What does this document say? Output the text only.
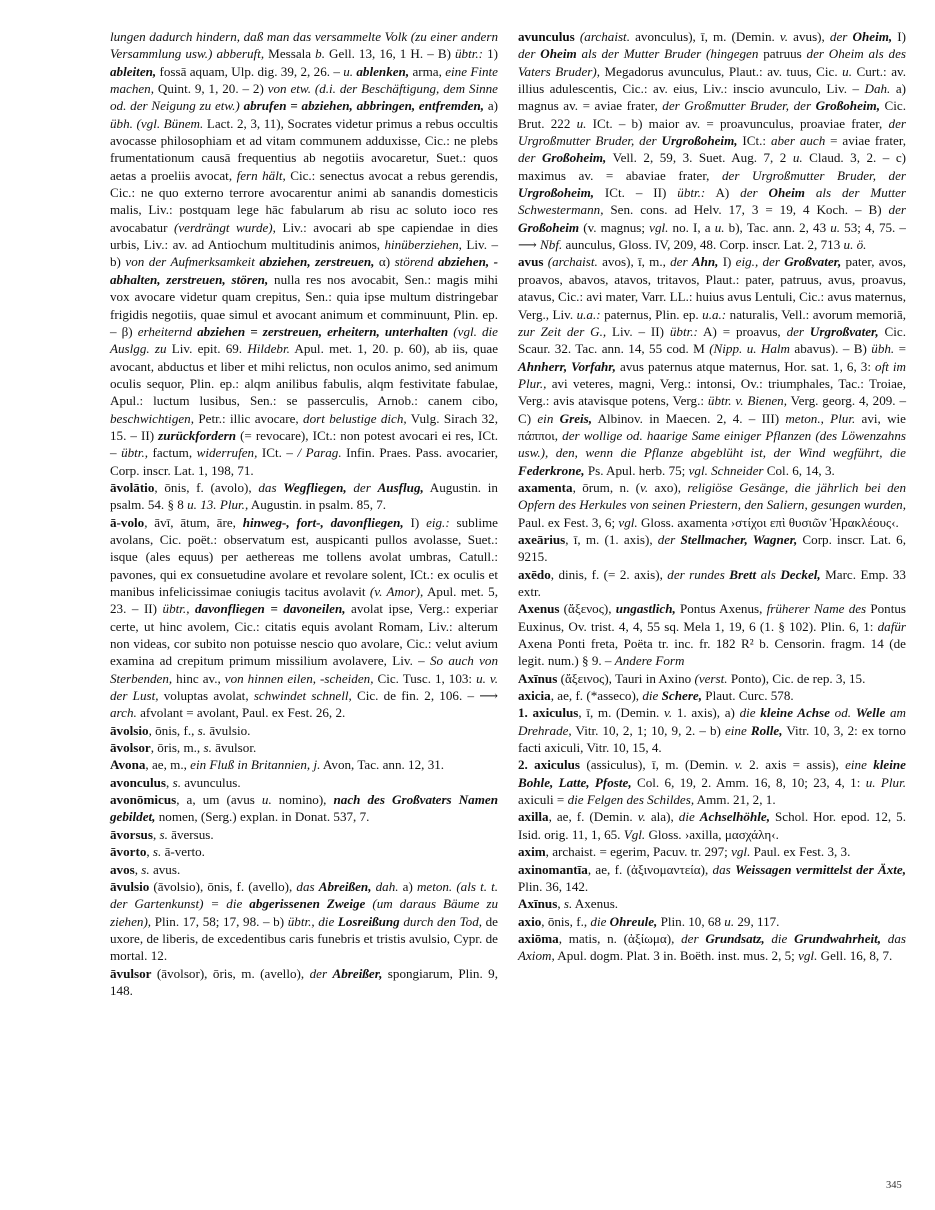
lungen dadurch hindern, daß man das versammelte Volk (zu einer andern Versammlung usw.) abberuft, Messala b. Gell. 13, 16, 1 H. – B) übtr.: 1) ableiten, fossā aquam, Ulp. dig. 39, 2, 26. – u. ablenken, arma, eine Finte machen, Quint. 9, 1, 20. – 2) von etw. (d.i. der Beschäftigung, dem Sinne od. der Neigung zu etw.) abrufen = abziehen, abbringen, entfremden, a) übh. (vgl. Bünem. Lact. 2, 3, 11), Socrates videtur primus a rebus occultis avocasse philosophiam et ad vitam communem adduxisse, Cic.: ne plebs frumentationum causā frequentius ab negotiis avocaretur, Suet.: quos aetas a proeliis avocat, fern hält, Cic.: senectus avocat a rebus gerendis, Cic.: ne quo externo terrore avocarentur animi ab sanandis domesticis malis, Liv.: postquam lege hāc fabularum ab risu ac soluto ioco res avocabatur (verdrängt wurde), Liv.: avocari ab spe capiendae in dies urbis, Liv.: av. ad Antiochum multitudinis animos, hinüberziehen, Liv. – b) von der Aufmerksamkeit abziehen, zerstreuen, α) störend abziehen, -abhalten, zerstreuen, stören, nulla res nos avocabit, Sen.: magis mihi vox avocare videtur quam crepitus, Sen.: quia ipse multum distringebar frigidis negotiis, quae simul et avocant animum et comminuunt, Plin. ep. – β) erheiternd abziehen = zerstreuen, erheitern, unterhalten (vgl. die Auslgg. zu Liv. epit. 69. Hildebr. Apul. met. 1, 20. p. 60), ab iis, quae avocant, abductus et liber et mihi relictus, non oculos animo, sed animum oculis sequor, Plin. ep.: alqm anilibus fabulis, alqm festivitate fabulae, Apul.: luctum lusibus, Sen.: se passerculis, Arnob.: canem cibo, beschwichtigen, Petr.: illic avocare, dort belustige dich, Vulg. Sirach 32, 15. – II) zurückfordern (= revocare), ICt.: non potest avocari ei res, ICt. – übtr., factum, widerrufen, ICt. – / Parag. Infin. Praes. Pass. avocarier, Corp. inscr. Lat. 1, 198, 71.

āvolātio, ōnis, f. (avolo), das Wegfliegen, der Ausflug, Augustin. in psalm. 54. § 8 u. 13. Plur., Augustin. in psalm. 85, 7.

ā-volo, āvī, ātum, āre, hinweg-, fort-, davonfliegen, I) eig.: sublime avolans, Cic. poët.: observatum est, auspicanti pullos avolasse, Suet.: isque (ales equus) per aethereas me tollens avolat umbras, Catull.: pavones, qui ex consuetudine avolare et revolare solent, ICt.: ex oculis et manibus infelicissimae coniugis tacitus avolavit (v. Amor), Apul. met. 5, 23. – II) übtr., davonfliegen = davoneilen, avolat ipse, Verg.: experiar certe, ut hinc avolem, Cic.: citatis equis avolant Romam, Liv.: alterum non videas, cor subito non potuisse nescio quo avolare, Cic.: velut avium examina ad crepitum primum missilium avolavere, Liv. – So auch von Sterbenden, hinc av., von hinnen eilen, -scheiden, Cic. Tusc. 1, 103: u. v. der Lust, voluptas avolat, schwindet schnell, Cic. de fin. 2, 106. – ⟶ arch. afvolant = avolant, Paul. ex Fest. 26, 2.

āvolsio, ōnis, f., s. āvulsio.

āvolsor, ōris, m., s. āvulsor.

Avona, ae, m., ein Fluß in Britannien, j. Avon, Tac. ann. 12, 31.

avonculus, s. avunculus.

avonōmicus, a, um (avus u. nomino), nach des Großvaters Namen gebildet, nomen, (Serg.) explan. in Donat. 537, 7.

āvorsus, s. āversus.

āvorto, s. ā-verto.

avos, s. avus.

āvulsio (āvolsio), ōnis, f. (avello), das Abreißen, dah. a) meton. (als t. t. der Gartenkunst) = die abgerissenen Zweige (um daraus Bäume zu ziehen), Plin. 17, 58; 17, 98. – b) übtr., die Losreißung durch den Tod, de uxore, de liberis, de excedentibus caris funebris et tristis avulsio, Cypr. de mortal. 12.

āvulsor (āvolsor), ōris, m. (avello), der Abreißer, spongiarum, Plin. 9, 148.

avunculus (archaist. avonculus), ī, m. (Demin. v. avus), der Oheim, I) der Oheim als der Mutter Bruder (hingegen patruus der Oheim als des Vaters Bruder), Megadorus avunculus, Plaut.: av. tuus, Cic. u. Curt.: av. illius adulescentis, Cic.: av. eius, Liv.: inscio avunculo, Liv. – Dah. a) magnus av. = aviae frater, der Großmutter Bruder, der Großoheim, Cic. Brut. 222 u. ICt. – b) maior av. = proavunculus, proaviae frater, der Urgroßmutter Bruder, der Urgroßoheim, ICt.: aber auch = aviae frater, der Großoheim, Vell. 2, 59, 3. Suet. Aug. 7, 2 u. Claud. 3, 2. – c) maximus av. = abaviae frater, der Urgroßmutter Bruder, der Urgroßoheim, ICt. – II) übtr.: A) der Oheim als der Mutter Schwestermann, Sen. cons. ad Helv. 17, 3 = 19, 4 Koch. – B) der Großoheim (v. magnus; vgl. no. I, a u. b), Tac. ann. 2, 43 u. 53; 4, 75. – ⟶ Nbf. aunculus, Gloss. IV, 209, 48. Corp. inscr. Lat. 2, 713 u. ö.

avus (archaist. avos), ī, m., der Ahn, I) eig., der Großvater, pater, avos, proavos, abavos, atavos, tritavos, Plaut.: pater, patruus, avus, proavus, atavus, Cic.: avi mater, Varr. LL.: huius avus Lentuli, Cic.: avus maternus, Verg., Liv. u.a.: paternus, Plin. ep. u.a.: naturalis, Vell.: avorum memoriā, zur Zeit der G., Liv. – II) übtr.: A) = proavus, der Urgroßvater, Cic. Scaur. 32. Tac. ann. 14, 55 cod. M (Nipp. u. Halm abavus). – B) übh. = Ahnherr, Vorfahr, avus paternus atque maternus, Hor. sat. 1, 6, 3: oft im Plur., avi veteres, magni, Verg.: intonsi, Ov.: triumphales, Tac.: Troiae, Verg.: avis atavisque potens, Verg.: übtr. v. Bienen, Verg. georg. 4, 209. – C) ein Greis, Albinov. in Maecen. 2, 4. – III) meton., Plur. avi, wie πάπποι, der wollige od. haarige Same einiger Pflanzen (des Löwenzahns usw.), den, wenn die Pflanze abgeblüht ist, der Wind wegführt, die Federkrone, Ps. Apul. herb. 75; vgl. Schneider Col. 6, 14, 3.

axamenta, ōrum, n. (v. axo), religiöse Gesänge, die jährlich bei den Opfern des Herkules von seinen Priestern, den Saliern, gesungen wurden, Paul. ex Fest. 3, 6; vgl. Gloss. axamenta ›στίχοι επὶ θυσιῶν Ἡρακλέους‹.

axeārius, ī, m. (1. axis), der Stellmacher, Wagner, Corp. inscr. Lat. 6, 9215.

axēdo, dinis, f. (= 2. axis), der rundes Brett als Deckel, Marc. Emp. 33 extr.

Axenus (ἄξενος), ungastlich, Pontus Axenus, früherer Name des Pontus Euxinus, Ov. trist. 4, 4, 55 sq. Mela 1, 19, 6 (1. § 102). Plin. 6, 1: dafür Axena Ponti freta, Poëta tr. inc. fr. 182 R² b. Censorin. fragm. 14 (de legit. num.) § 9. – Andere Form

Axīnus (ἄξεινος), Tauri in Axino (verst. Ponto), Cic. de rep. 3, 15.

axicia, ae, f. (*asseco), die Schere, Plaut. Curc. 578.

1. axiculus, ī, m. (Demin. v. 1. axis), a) die kleine Achse od. Welle am Drehrade, Vitr. 10, 2, 1; 10, 9, 2. – b) eine Rolle, Vitr. 10, 3, 2: ex torno facti axiculi, Vitr. 10, 15, 4.

2. axiculus (assiculus), ī, m. (Demin. v. 2. axis = assis), eine kleine Bohle, Latte, Pfoste, Col. 6, 19, 2. Amm. 16, 8, 10; 23, 4, 1: u. Plur. axiculi = die Felgen des Schildes, Amm. 21, 2, 1.

axilla, ae, f. (Demin. v. ala), die Achselhöhle, Schol. Hor. epod. 12, 5. Isid. orig. 11, 1, 65. Vgl. Gloss. ›axilla, μασχάλη‹.

axim, archaist. = egerim, Pacuv. tr. 297; vgl. Paul. ex Fest. 3, 3.

axinomantīa, ae, f. (ἀξινομαντεία), das Weissagen vermittelst der Äxte, Plin. 36, 142.

Axīnus, s. Axenus.

axio, ōnis, f., die Ohreule, Plin. 10, 68 u. 29, 117.

axiōma, matis, n. (ἀξίωμα), der Grundsatz, die Grundwahrheit, das Axiom, Apul. dogm. Plat. 3 in. Boëth. inst. mus. 2, 5; vgl. Gell. 16, 8, 7.

345
